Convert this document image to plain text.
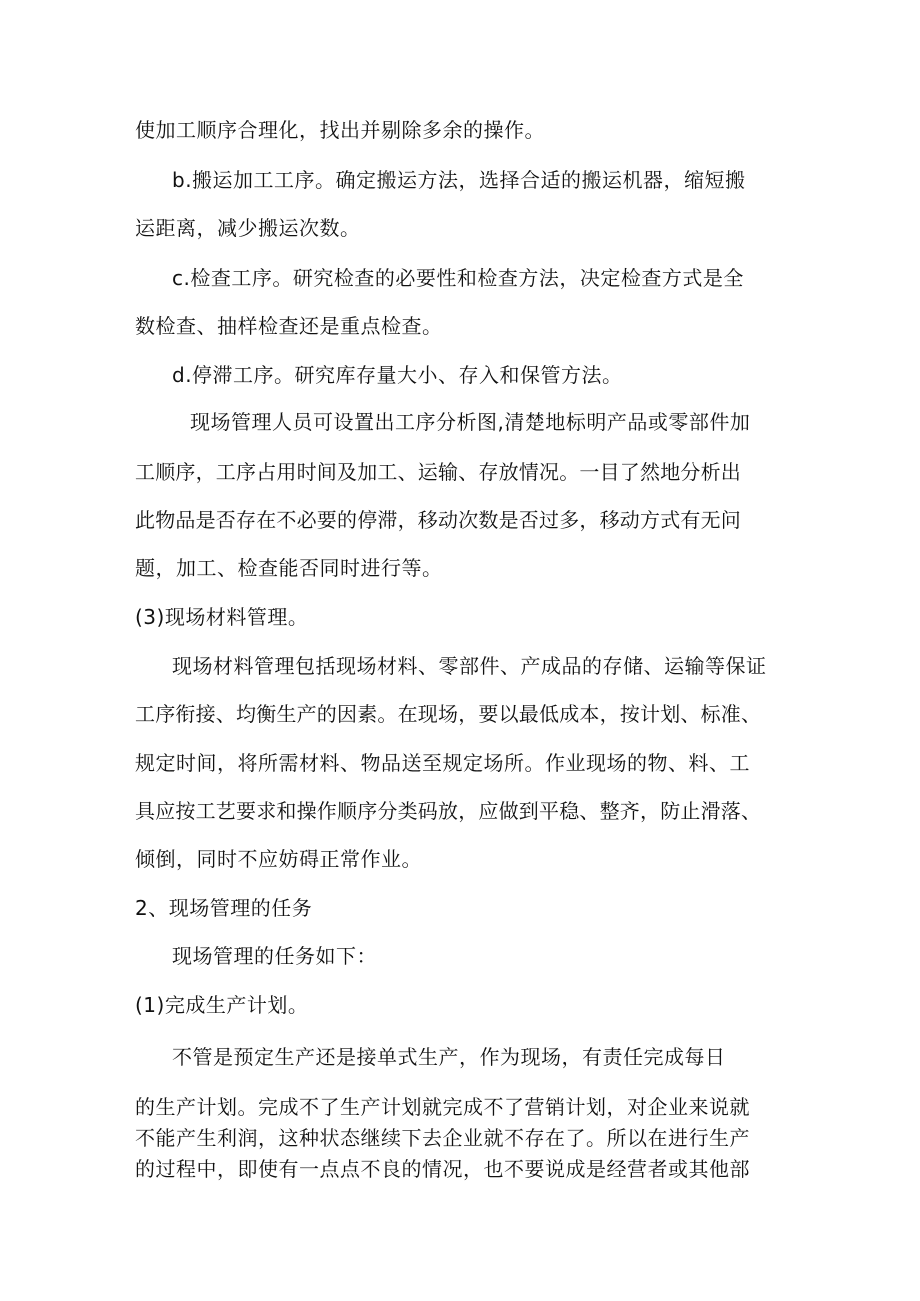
使加工顺序合理化，找出并剔除多余的操作。
b.搬运加工工序。确定搬运方法，选择合适的搬运机器，缩短搬
运距离，减少搬运次数。
c.检查工序。研究检查的必要性和检查方法，决定检查方式是全
数检查、抽样检查还是重点检查。
d.停滞工序。研究库存量大小、存入和保管方法。
现场管理人员可设置出工序分析图,清楚地标明产品或零部件加
工顺序，工序占用时间及加工、运输、存放情况。一目了然地分析出
此物品是否存在不必要的停滞，移动次数是否过多，移动方式有无问
题，加工、检查能否同时进行等。
(3)现场材料管理。
现场材料管理包括现场材料、零部件、产成品的存储、运输等保证
工序衔接、均衡生产的因素。在现场，要以最低成本，按计划、标准、
规定时间，将所需材料、物品送至规定场所。作业现场的物、料、工
具应按工艺要求和操作顺序分类码放，应做到平稳、整齐，防止滑落、
倾倒，同时不应妨碍正常作业。
2、现场管理的任务
现场管理的任务如下：
(1)完成生产计划。
不管是预定生产还是接单式生产，作为现场，有责任完成每日
的生产计划。完成不了生产计划就完成不了营销计划，对企业来说就
不能产生利润，这种状态继续下去企业就不存在了。所以在进行生产
的过程中，即使有一点点不良的情况，也不要说成是经营者或其他部
